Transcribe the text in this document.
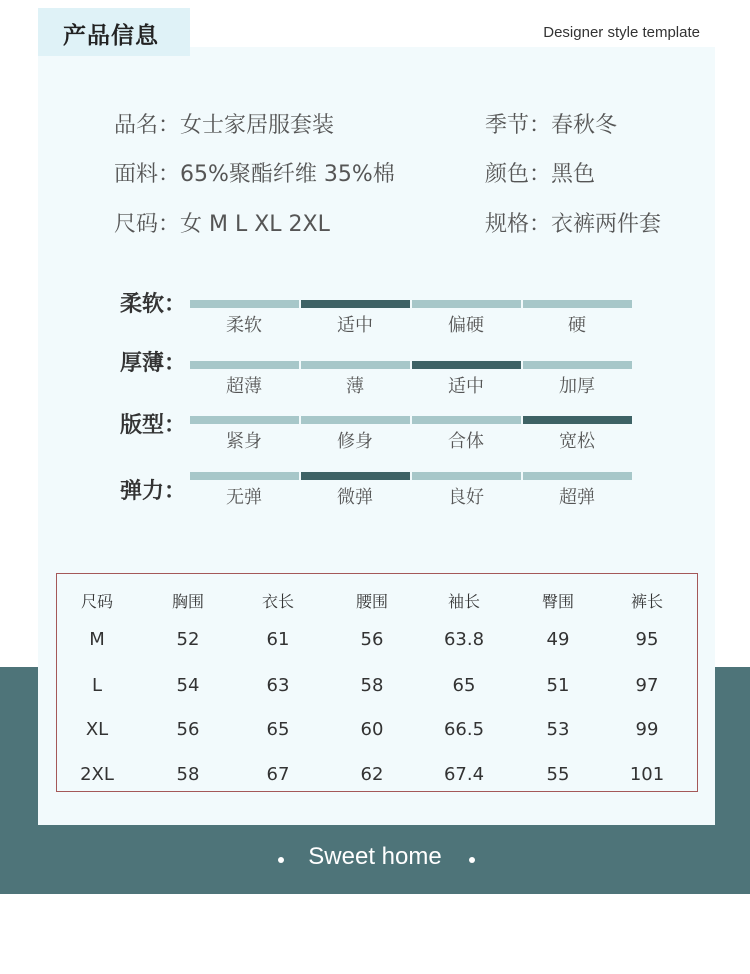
产品信息	Designer style template
品名：女士家居服套装	季节：春秋冬
面料：65%聚酯纤维 35%棉	颜色：黑色
尺码：女 M L XL 2XL	规格：衣裤两件套
柔软：
柔软	适中	偏硬	硬
厚薄：
超薄	薄	适中	加厚
版型：
紧身	修身	合体	宽松
弹力：	无弹	微弹	良好	超弹
尺码	胸围	衣长	腰围	袖长	臀围	裤长
M	52	61	56	63.8	49	95
L	54	63	58	65	51	97
XL	56	65	60	66.5	53	99
2XL	58	67	62	67.4	55	101
Sweet home
